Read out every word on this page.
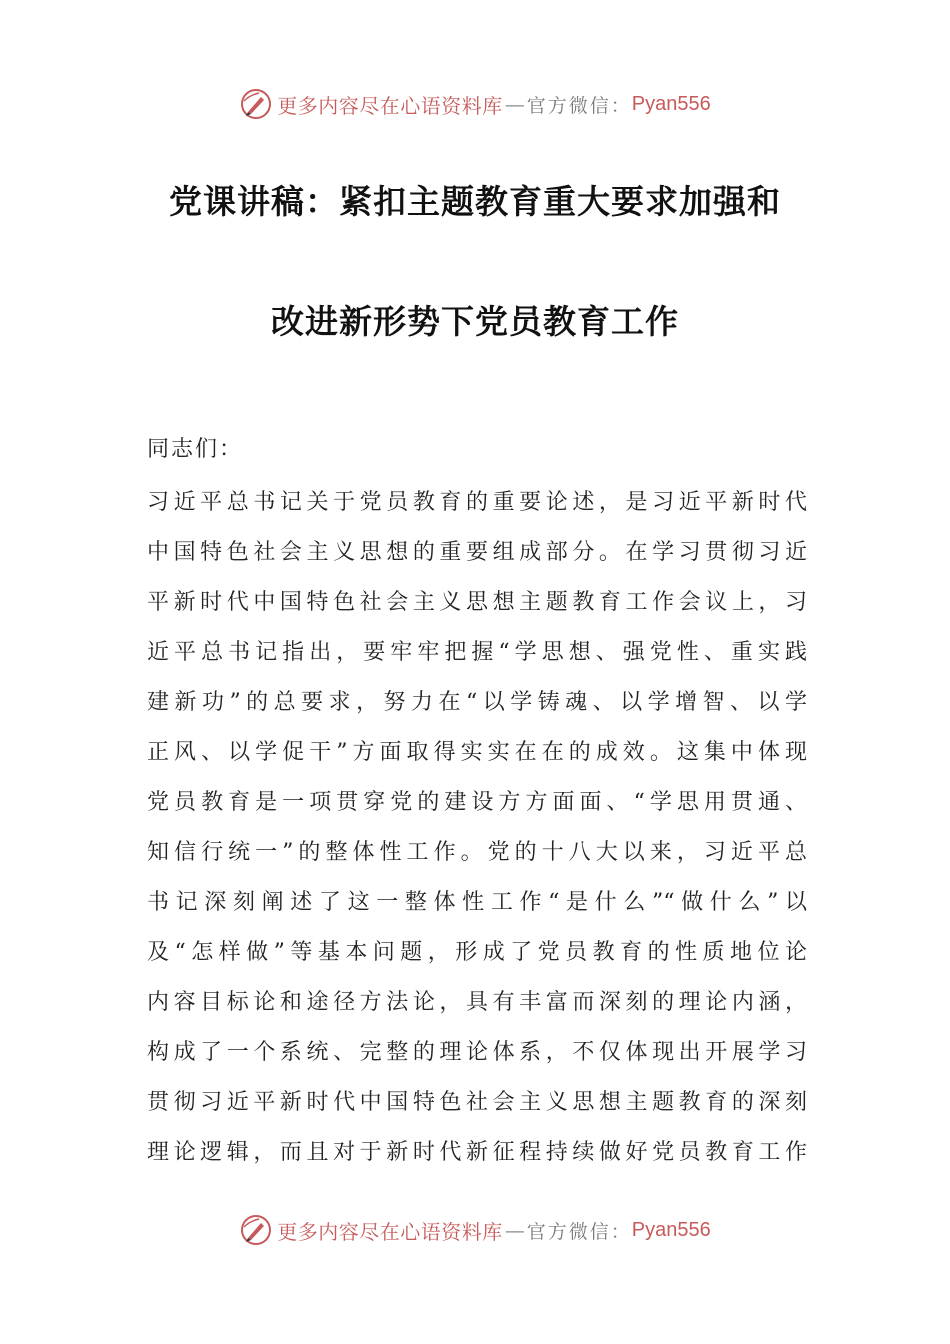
更多内容尽在心语资料库 — 官方微信： Pyan556
党课讲稿：紧扣主题教育重大要求加强和
改进新形势下党员教育工作
同志们：
习近平总书记关于党员教育的重要论述，是习近平新时代
中国特色社会主义思想的重要组成部分。在学习贯彻习近
平新时代中国特色社会主义思想主题教育工作会议上，习
近平总书记指出，要牢牢把握“学思想、强党性、重实践
建新功”的总要求，努力在“以学铸魂、以学增智、以学
正风、以学促干”方面取得实实在在的成效。这集中体现
党员教育是一项贯穿党的建设方方面面、“学思用贯通、
知信行统一”的整体性工作。党的十八大以来，习近平总
书记深刻阐述了这一整体性工作“是什么”“做什么”以
及“怎样做”等基本问题，形成了党员教育的性质地位论
内容目标论和途径方法论，具有丰富而深刻的理论内涵，
构成了一个系统、完整的理论体系，不仅体现出开展学习
贯彻习近平新时代中国特色社会主义思想主题教育的深刻
理论逻辑，而且对于新时代新征程持续做好党员教育工作
更多内容尽在心语资料库 — 官方微信： Pyan556
